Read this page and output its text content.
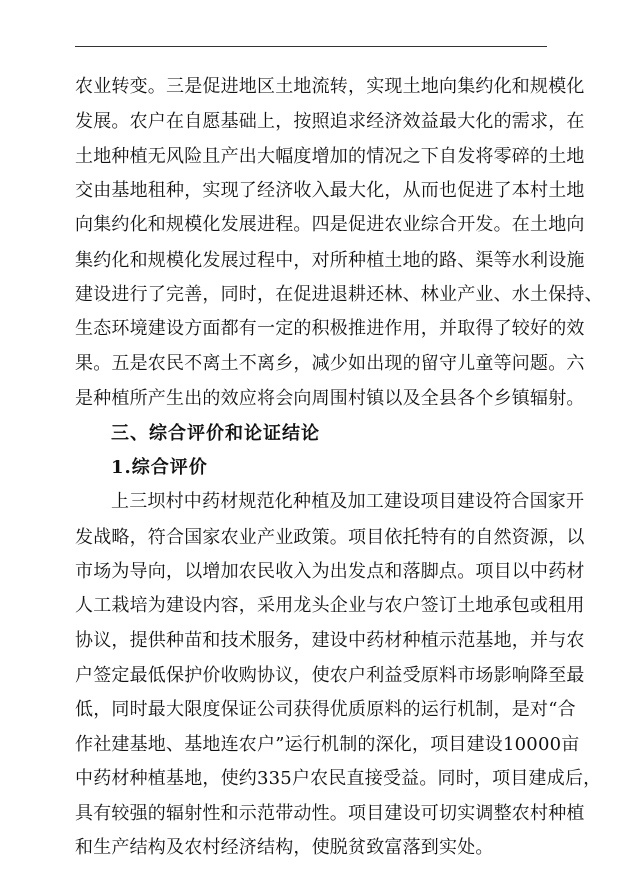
农业转变。三是促进地区土地流转，实现土地向集约化和规模化
发展。农户在自愿基础上，按照追求经济效益最大化的需求，在
土地种植无风险且产出大幅度增加的情况之下自发将零碎的土地
交由基地租种，实现了经济收入最大化，从而也促进了本村土地
向集约化和规模化发展进程。四是促进农业综合开发。在土地向
集约化和规模化发展过程中，对所种植土地的路、渠等水利设施
建设进行了完善，同时，在促进退耕还林、林业产业、水土保持、
生态环境建设方面都有一定的积极推进作用，并取得了较好的效
果。五是农民不离土不离乡，减少如出现的留守儿童等问题。六
是种植所产生出的效应将会向周围村镇以及全县各个乡镇辐射。
三、综合评价和论证结论
1.综合评价
上三坝村中药材规范化种植及加工建设项目建设符合国家开
发战略，符合国家农业产业政策。项目依托特有的自然资源，以
市场为导向，以增加农民收入为出发点和落脚点。项目以中药材
人工栽培为建设内容，采用龙头企业与农户签订土地承包或租用
协议，提供种苗和技术服务，建设中药材种植示范基地，并与农
户签定最低保护价收购协议，使农户利益受原料市场影响降至最
低，同时最大限度保证公司获得优质原料的运行机制，是对“合
作社建基地、基地连农户”运行机制的深化，项目建设10000亩
中药材种植基地，使约335户农民直接受益。同时，项目建成后，
具有较强的辐射性和示范带动性。项目建设可切实调整农村种植
和生产结构及农村经济结构，使脱贫致富落到实处。
